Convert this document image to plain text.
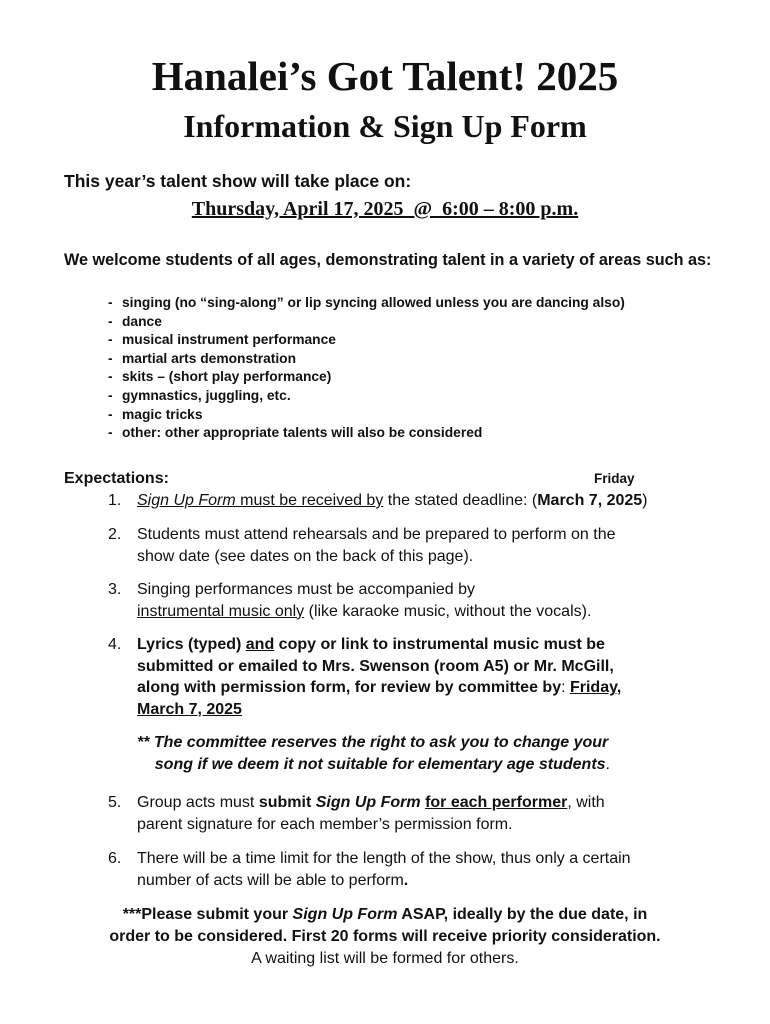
Hanalei’s Got Talent! 2025
Information & Sign Up Form
This year’s talent show will take place on:
Thursday, April 17, 2025  @  6:00 – 8:00 p.m.
We welcome students of all ages, demonstrating talent in a variety of areas such as:
- singing (no “sing-along” or lip syncing allowed unless you are dancing also)
- dance
- musical instrument performance
- martial arts demonstration
- skits – (short play performance)
- gymnastics, juggling, etc.
- magic tricks
- other: other appropriate talents will also be considered
Expectations:	Friday
1. Sign Up Form must be received by the stated deadline: (March 7, 2025)
2. Students must attend rehearsals and be prepared to perform on the
show date (see dates on the back of this page).
3. Singing performances must be accompanied by
instrumental music only (like karaoke music, without the vocals).
4. Lyrics (typed) and copy or link to instrumental music must be
submitted or emailed to Mrs. Swenson (room A5) or Mr. McGill,
along with permission form, for review by committee by: Friday,
March 7, 2025
** The committee reserves the right to ask you to change your
song if we deem it not suitable for elementary age students.
5. Group acts must submit Sign Up Form for each performer, with
parent signature for each member’s permission form.
6. There will be a time limit for the length of the show, thus only a certain
number of acts will be able to perform.
***Please submit your Sign Up Form ASAP, ideally by the due date, in
order to be considered. First 20 forms will receive priority consideration.
A waiting list will be formed for others.
